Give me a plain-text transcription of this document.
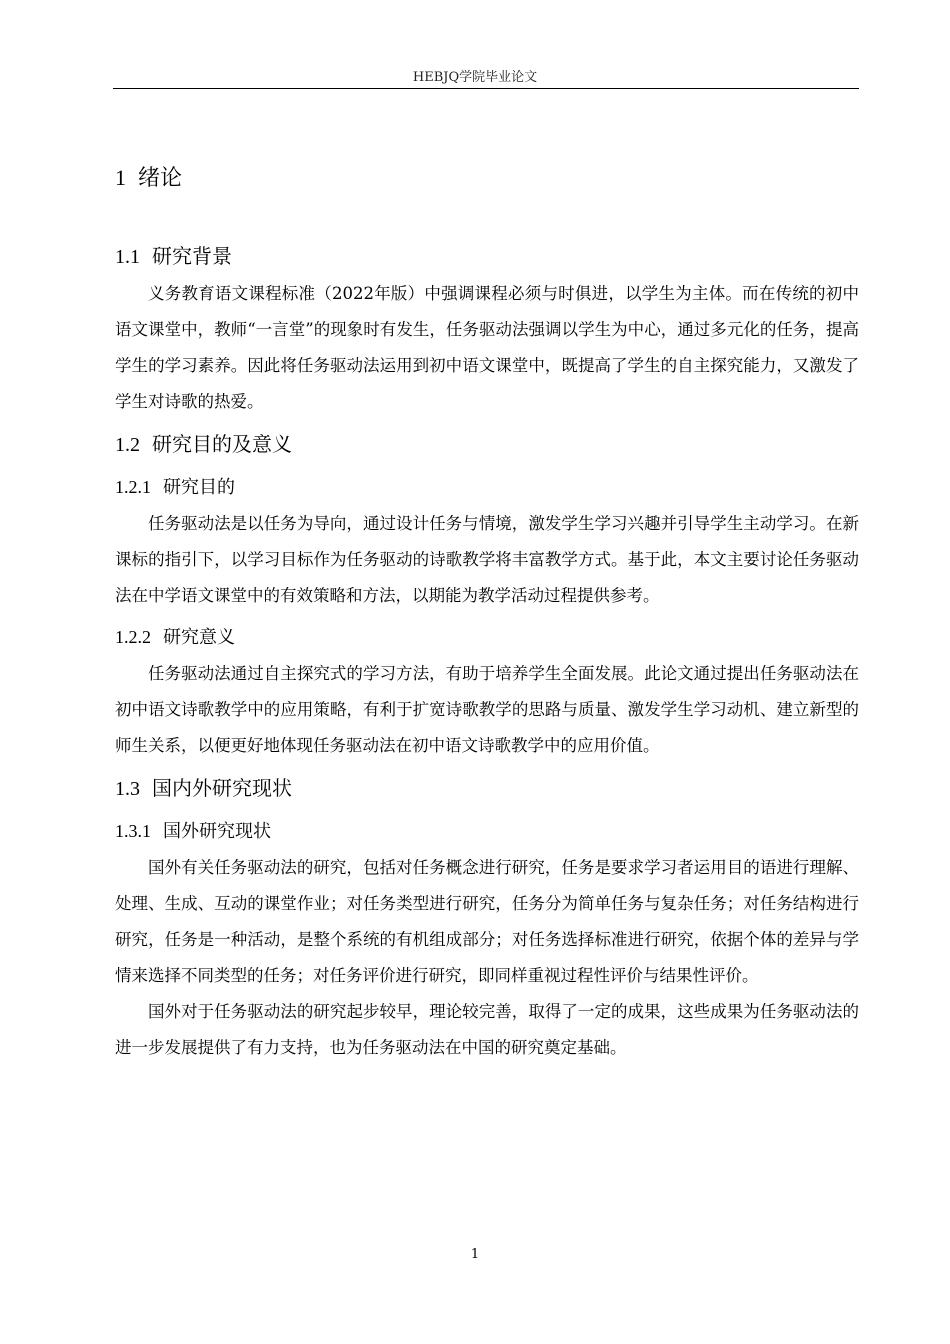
HEBJQ学院毕业论文
1 绪论
1.1 研究背景

义务教育语文课程标准（2022年版）中强调课程必须与时俱进，以学生为主体。而在传统的初中语文课堂中，教师“一言堂”的现象时有发生，任务驱动法强调以学生为中心，通过多元化的任务，提高学生的学习素养。因此将任务驱动法运用到初中语文课堂中，既提高了学生的自主探究能力，又激发了学生对诗歌的热爱。

1.2 研究目的及意义
1.2.1 研究目的

任务驱动法是以任务为导向，通过设计任务与情境，激发学生学习兴趣并引导学生主动学习。在新课标的指引下，以学习目标作为任务驱动的诗歌教学将丰富教学方式。基于此，本文主要讨论任务驱动法在中学语文课堂中的有效策略和方法，以期能为教学活动过程提供参考。

1.2.2 研究意义

任务驱动法通过自主探究式的学习方法，有助于培养学生全面发展。此论文通过提出任务驱动法在初中语文诗歌教学中的应用策略，有利于扩宽诗歌教学的思路与质量、激发学生学习动机、建立新型的师生关系，以便更好地体现任务驱动法在初中语文诗歌教学中的应用价值。

1.3 国内外研究现状
1.3.1 国外研究现状

国外有关任务驱动法的研究，包括对任务概念进行研究，任务是要求学习者运用目的语进行理解、处理、生成、互动的课堂作业；对任务类型进行研究，任务分为简单任务与复杂任务；对任务结构进行研究，任务是一种活动，是整个系统的有机组成部分；对任务选择标准进行研究，依据个体的差异与学情来选择不同类型的任务；对任务评价进行研究，即同样重视过程性评价与结果性评价。

国外对于任务驱动法的研究起步较早，理论较完善，取得了一定的成果，这些成果为任务驱动法的进一步发展提供了有力支持，也为任务驱动法在中国的研究奠定基础。

1
